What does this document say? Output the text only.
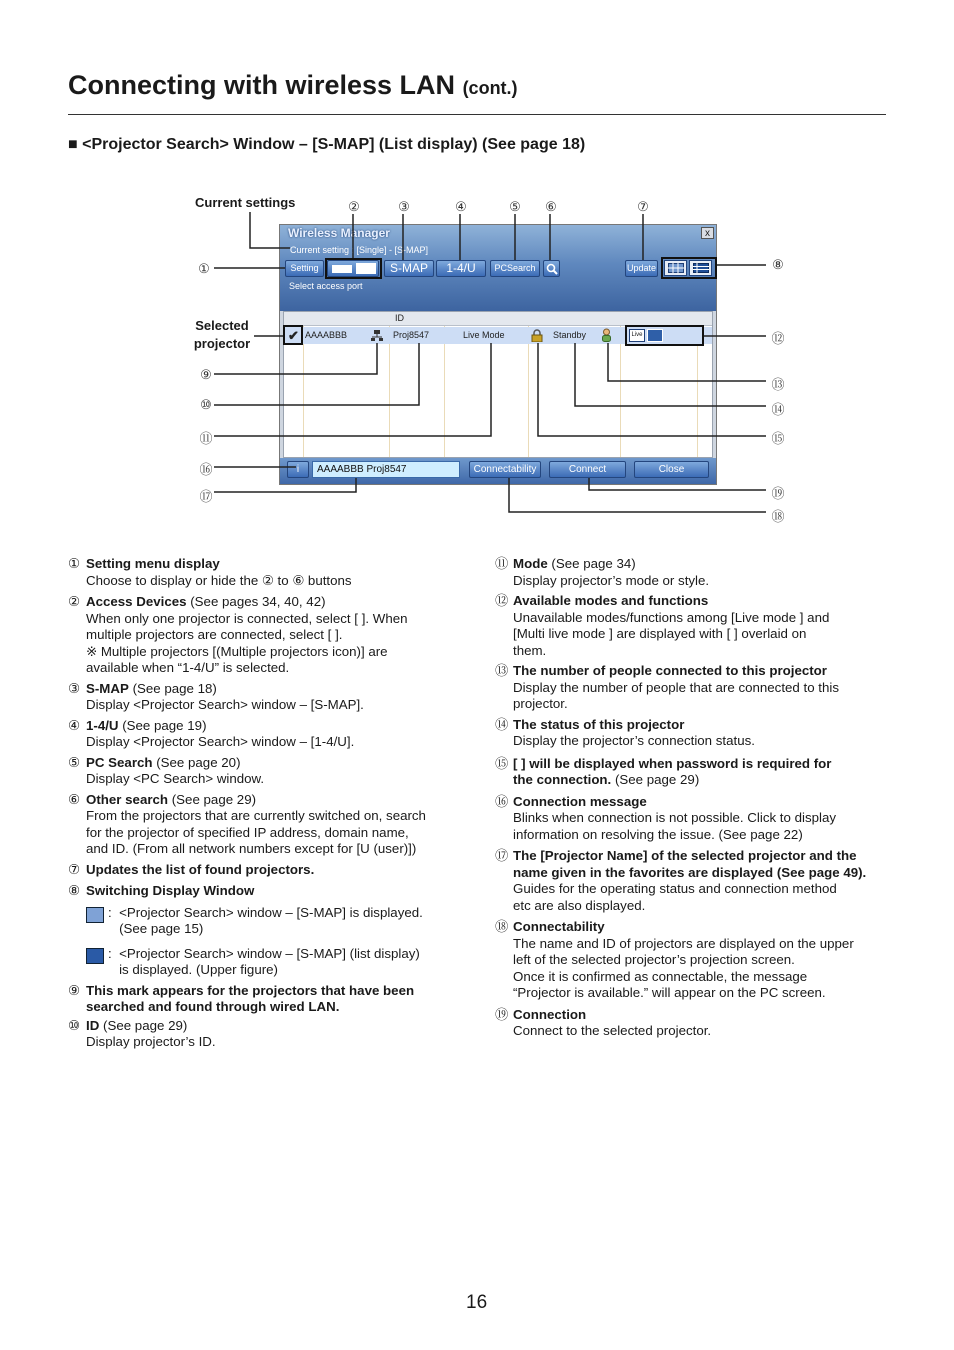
Connecting with wireless LAN (cont.)
■ <Projector Search> Window – [S-MAP] (List display) (See page 18)
Current settings
Selected projector
Wireless Manager	x
Current setting : [Single] - [S-MAP]
Setting	S-MAP	1-4/U	PCSearch	Update
Select access port
ID
✔ AAAABBB	Proj8547	Live Mode	Standby	Live
i	AAAABBB Proj8547	Connectability	Connect	Close
②	③	④	⑤ ⑥	⑦
①
⑨
⑩
⑪
⑯
⑰
⑧
⑫
⑬
⑭
⑮
⑲
⑱
① Setting menu display
Choose to display or hide the ② to ⑥ buttons
② Access Devices (See pages 34, 40, 42)
When only one projector is connected, select [ ]. When
multiple projectors are connected, select [ ].
※ Multiple projectors [(Multiple projectors icon)] are
available when “1-4/U” is selected.
③ S-MAP (See page 18)
Display <Projector Search> window – [S-MAP].
④ 1-4/U (See page 19)
Display <Projector Search> window – [1-4/U].
⑤ PC Search (See page 20)
Display <PC Search> window.
⑥ Other search (See page 29)
From the projectors that are currently switched on, search
for the projector of specified IP address, domain name,
and ID. (From all network numbers except for [U (user)])
⑦ Updates the list of found projectors.
⑧ Switching Display Window
:  <Projector Search> window – [S-MAP] is displayed.
(See page 15)
:  <Projector Search> window – [S-MAP] (list display)
is displayed. (Upper figure)
⑨ This mark appears for the projectors that have been
searched and found through wired LAN.
⑩ ID (See page 29)
Display projector’s ID.
⑪ Mode (See page 34)
Display projector’s mode or style.
⑫ Available modes and functions
Unavailable modes/functions among [Live mode ] and
[Multi live mode ] are displayed with [ ] overlaid on
them.
⑬ The number of people connected to this projector
Display the number of people that are connected to this
projector.
⑭ The status of this projector
Display the projector’s connection status.
⑮ [ ] will be displayed when password is required for
the connection. (See page 29)
⑯ Connection message
Blinks when connection is not possible. Click to display
information on resolving the issue. (See page 22)
⑰ The [Projector Name] of the selected projector and the
name given in the favorites are displayed (See page 49).
Guides for the operating status and connection method
etc are also displayed.
⑱ Connectability
The name and ID of projectors are displayed on the upper
left of the selected projector’s projection screen.
Once it is confirmed as connectable, the message
“Projector is available.” will appear on the PC screen.
⑲ Connection
Connect to the selected projector.
16
